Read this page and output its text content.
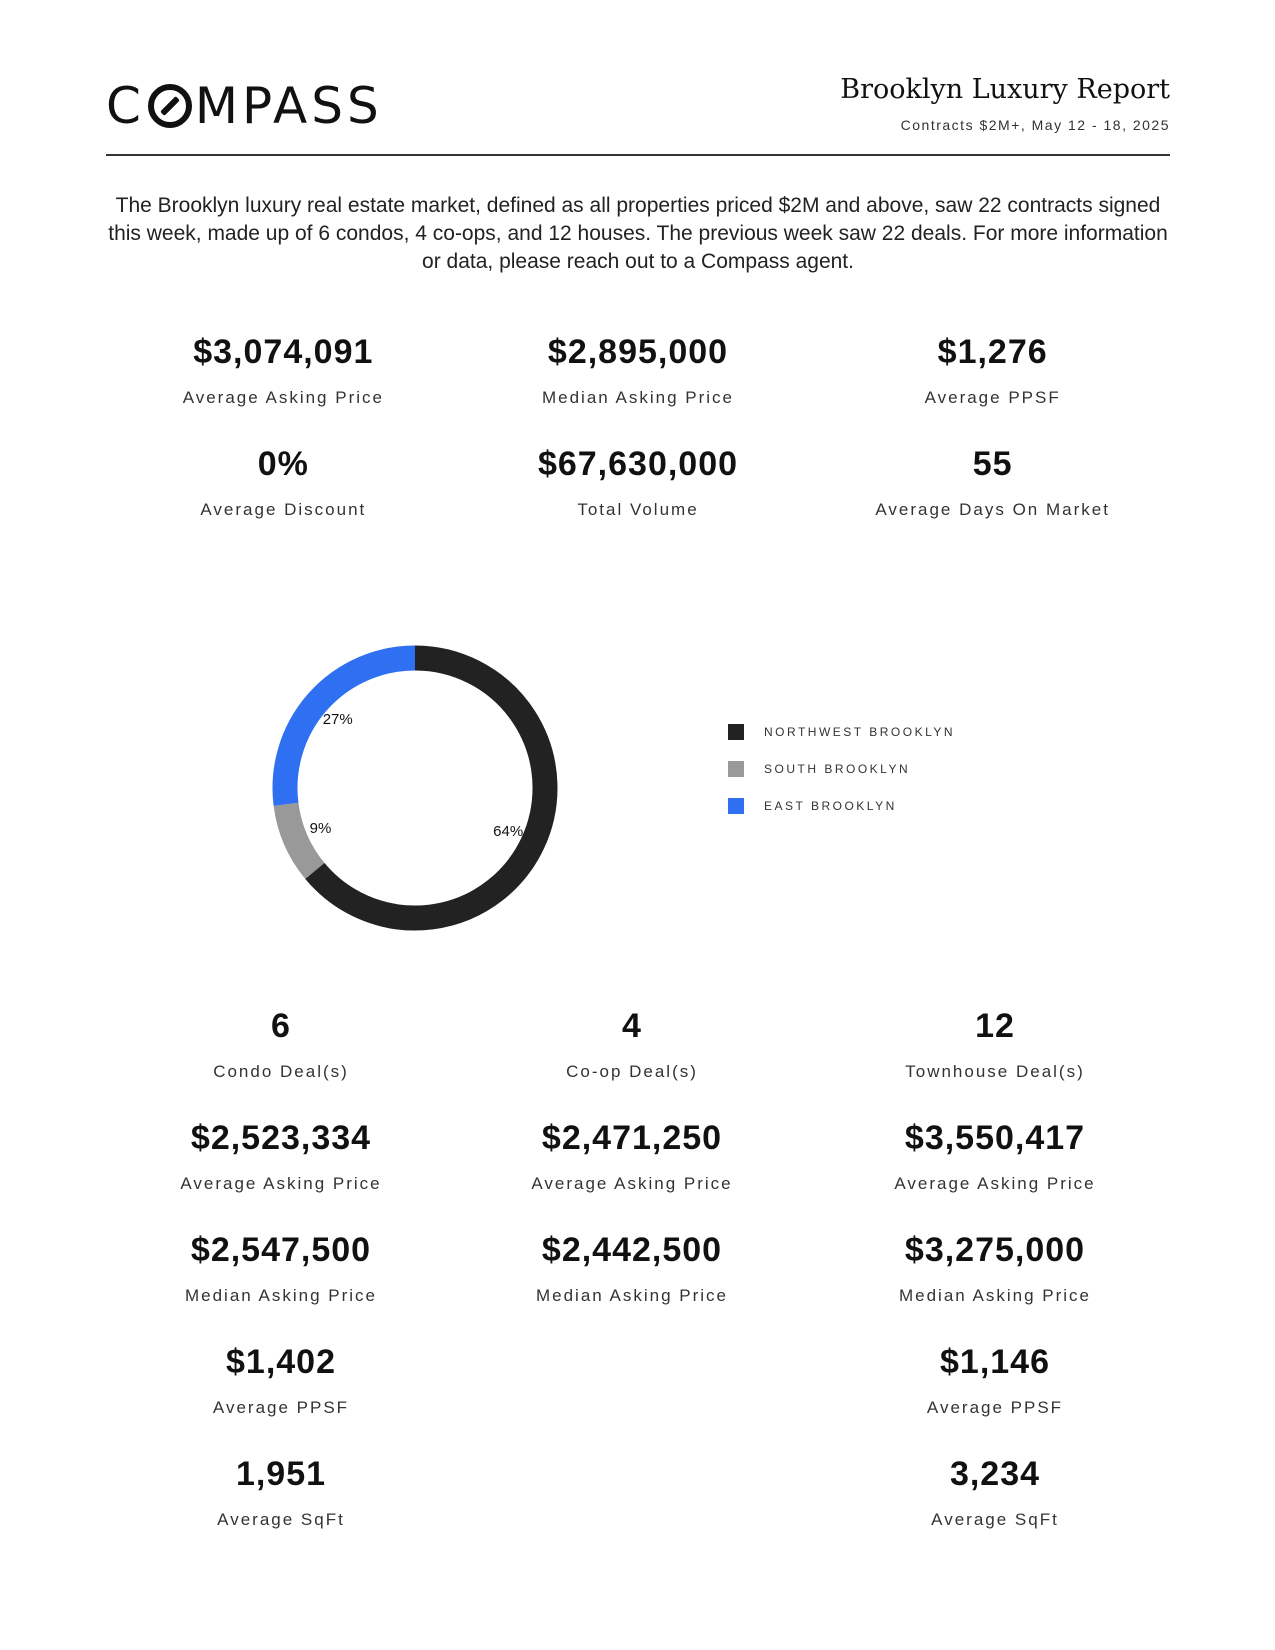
C MPASS	Brooklyn Luxury Report
Contracts $2M+, May 12 - 18, 2025
The Brooklyn luxury real estate market, defined as all properties priced $2M and above, saw 22 contracts signed this week, made up of 6 condos, 4 co-ops, and 12 houses. The previous week saw 22 deals. For more information or data, please reach out to a Compass agent.
$3,074,091
Average Asking Price
$2,895,000
Median Asking Price
$1,276
Average PPSF
0%
Average Discount
$67,630,000
Total Volume
55
Average Days On Market
64%
9%
27%
NORTHWEST BROOKLYN
SOUTH BROOKLYN
EAST BROOKLYN
6
Condo Deal(s)
$2,523,334
Average Asking Price
$2,547,500
Median Asking Price
$1,402
Average PPSF
1,951
Average SqFt
4
Co-op Deal(s)
$2,471,250
Average Asking Price
$2,442,500
Median Asking Price
12
Townhouse Deal(s)
$3,550,417
Average Asking Price
$3,275,000
Median Asking Price
$1,146
Average PPSF
3,234
Average SqFt
